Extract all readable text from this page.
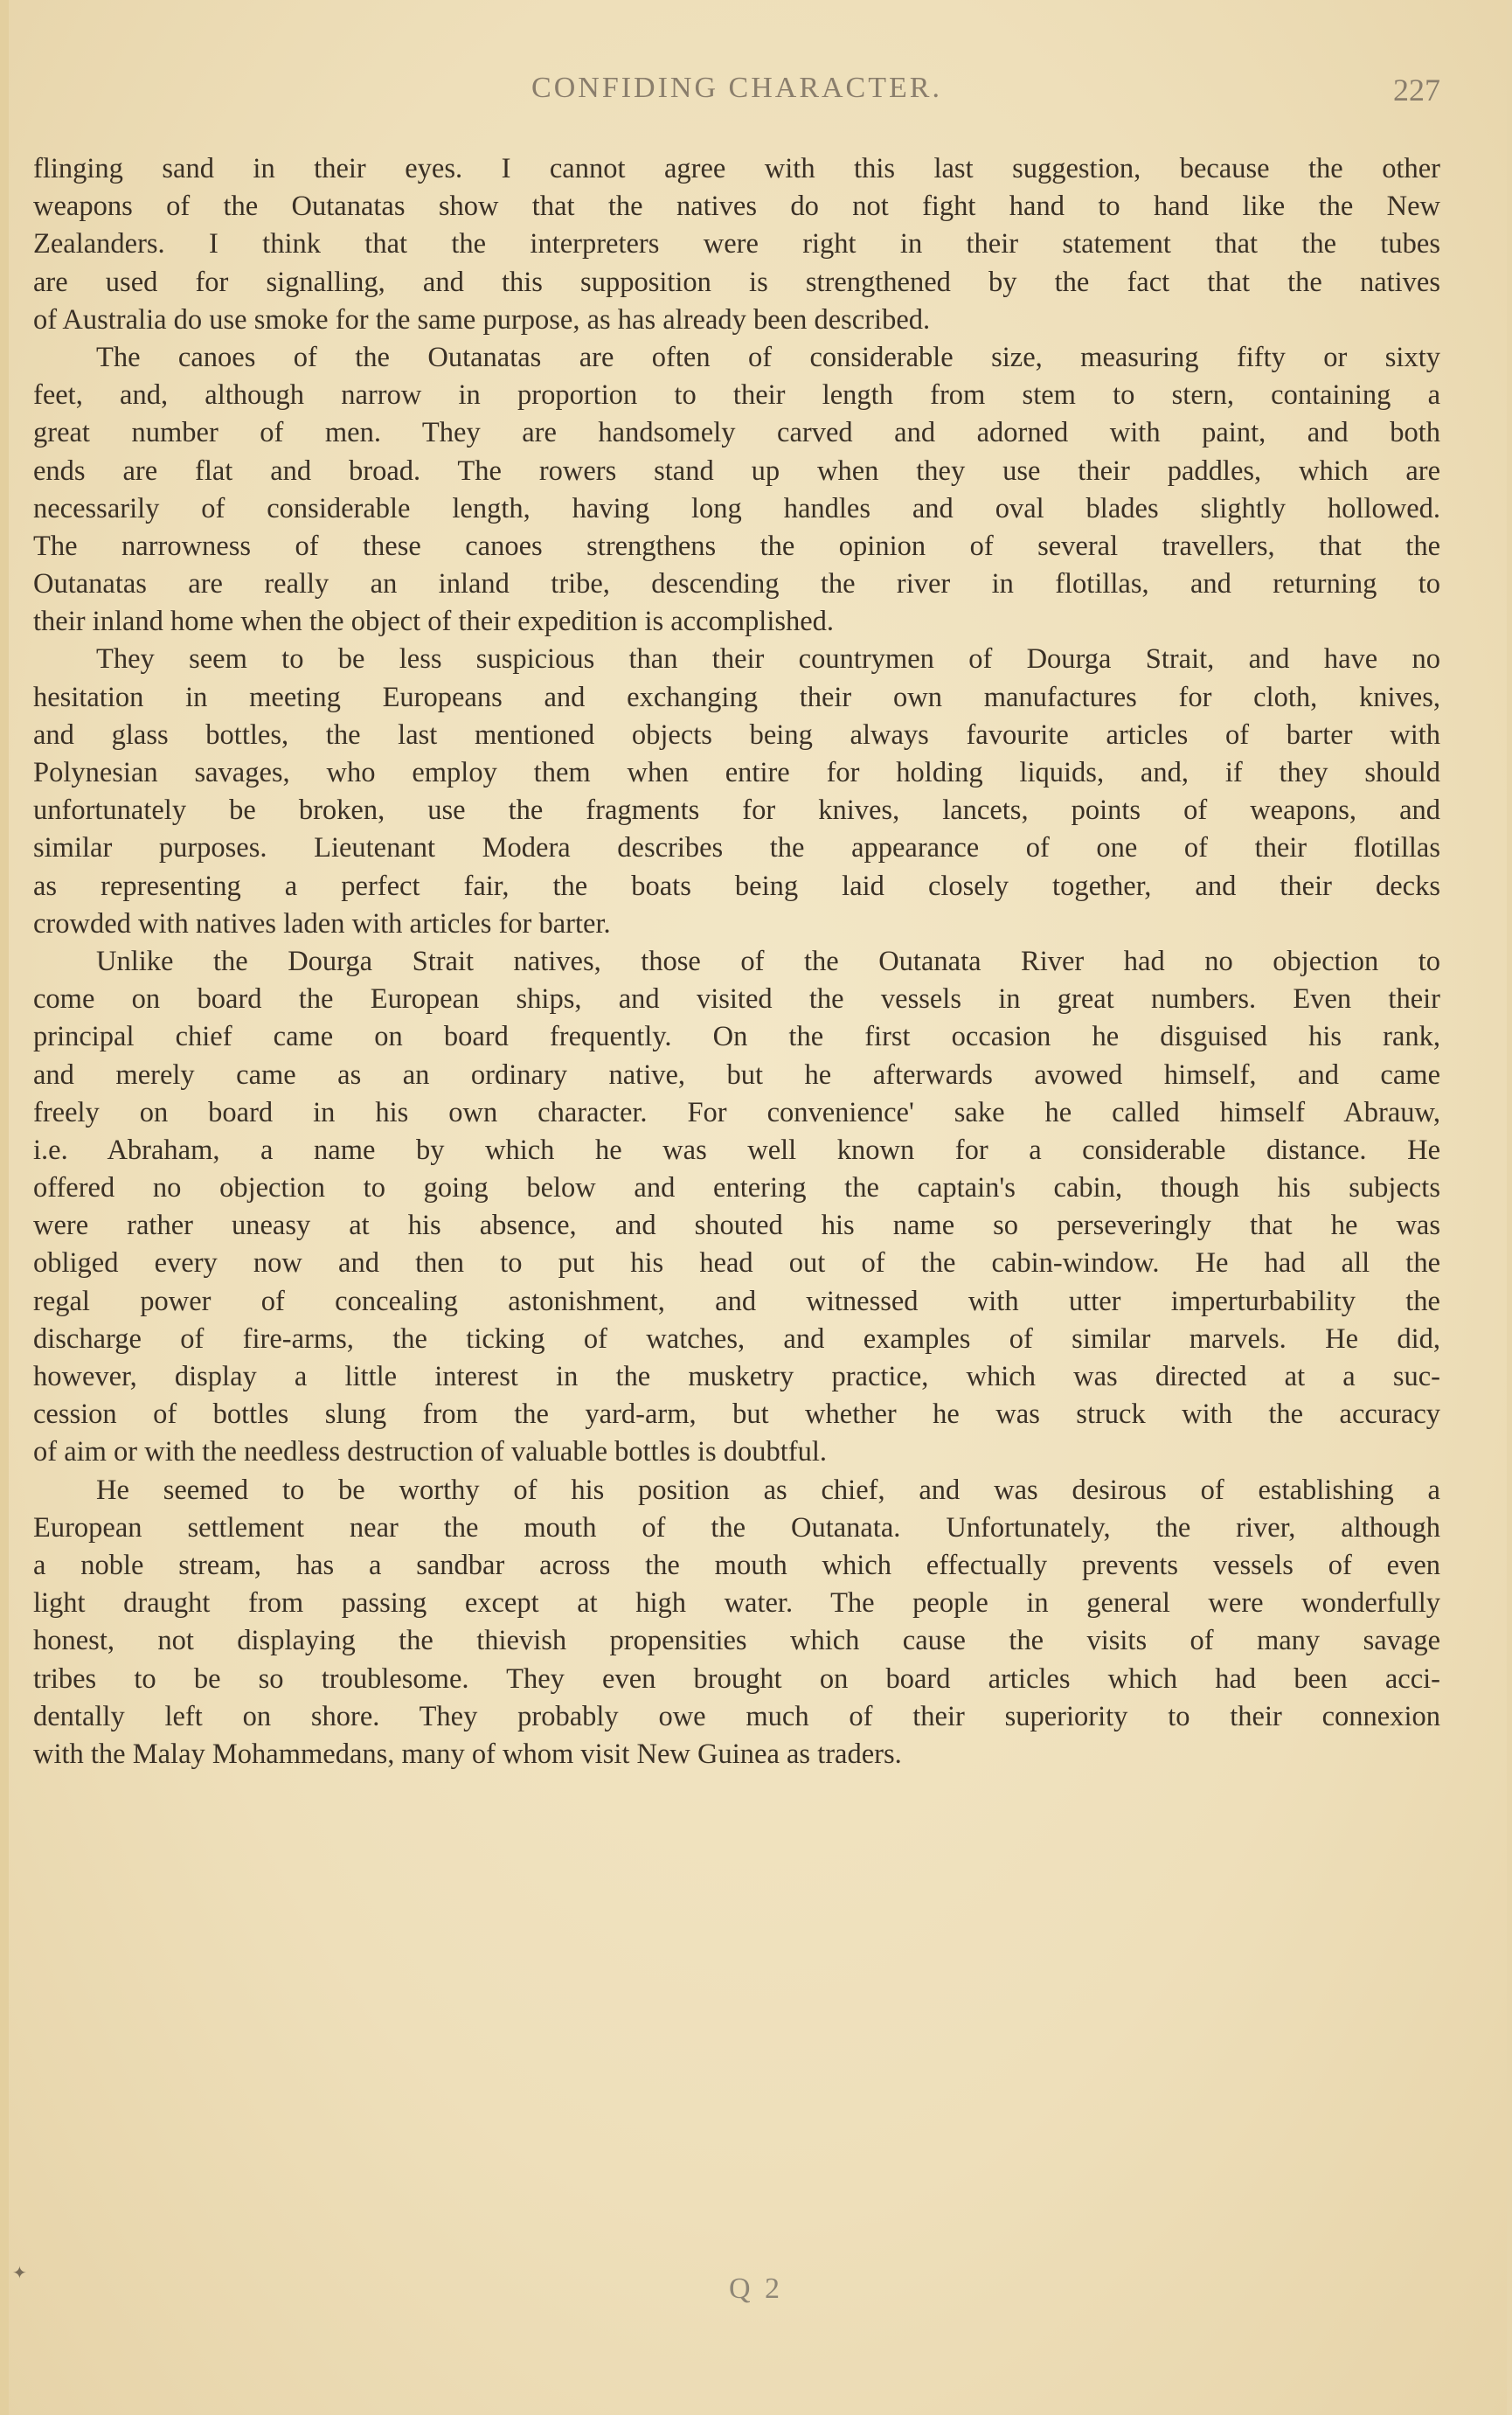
CONFIDING CHARACTER.	227
flinging sand in their eyes. I cannot agree with this last suggestion, because the other
weapons of the Outanatas show that the natives do not fight hand to hand like the New
Zealanders. I think that the interpreters were right in their statement that the tubes
are used for signalling, and this supposition is strengthened by the fact that the natives
of Australia do use smoke for the same purpose, as has already been described.
The canoes of the Outanatas are often of considerable size, measuring fifty or sixty
feet, and, although narrow in proportion to their length from stem to stern, containing a
great number of men. They are handsomely carved and adorned with paint, and both
ends are flat and broad. The rowers stand up when they use their paddles, which are
necessarily of considerable length, having long handles and oval blades slightly hollowed.
The narrowness of these canoes strengthens the opinion of several travellers, that the
Outanatas are really an inland tribe, descending the river in flotillas, and returning to
their inland home when the object of their expedition is accomplished.
They seem to be less suspicious than their countrymen of Dourga Strait, and have no
hesitation in meeting Europeans and exchanging their own manufactures for cloth, knives,
and glass bottles, the last mentioned objects being always favourite articles of barter with
Polynesian savages, who employ them when entire for holding liquids, and, if they should
unfortunately be broken, use the fragments for knives, lancets, points of weapons, and
similar purposes. Lieutenant Modera describes the appearance of one of their flotillas
as representing a perfect fair, the boats being laid closely together, and their decks
crowded with natives laden with articles for barter.
Unlike the Dourga Strait natives, those of the Outanata River had no objection to
come on board the European ships, and visited the vessels in great numbers. Even their
principal chief came on board frequently. On the first occasion he disguised his rank,
and merely came as an ordinary native, but he afterwards avowed himself, and came
freely on board in his own character. For convenience' sake he called himself Abrauw,
i.e. Abraham, a name by which he was well known for a considerable distance. He
offered no objection to going below and entering the captain's cabin, though his subjects
were rather uneasy at his absence, and shouted his name so perseveringly that he was
obliged every now and then to put his head out of the cabin-window. He had all the
regal power of concealing astonishment, and witnessed with utter imperturbability the
discharge of fire-arms, the ticking of watches, and examples of similar marvels. He did,
however, display a little interest in the musketry practice, which was directed at a suc-
cession of bottles slung from the yard-arm, but whether he was struck with the accuracy
of aim or with the needless destruction of valuable bottles is doubtful.
He seemed to be worthy of his position as chief, and was desirous of establishing a
European settlement near the mouth of the Outanata. Unfortunately, the river, although
a noble stream, has a sandbar across the mouth which effectually prevents vessels of even
light draught from passing except at high water. The people in general were wonderfully
honest, not displaying the thievish propensities which cause the visits of many savage
tribes to be so troublesome. They even brought on board articles which had been acci-
dentally left on shore. They probably owe much of their superiority to their connexion
with the Malay Mohammedans, many of whom visit New Guinea as traders.
✦	Q 2
